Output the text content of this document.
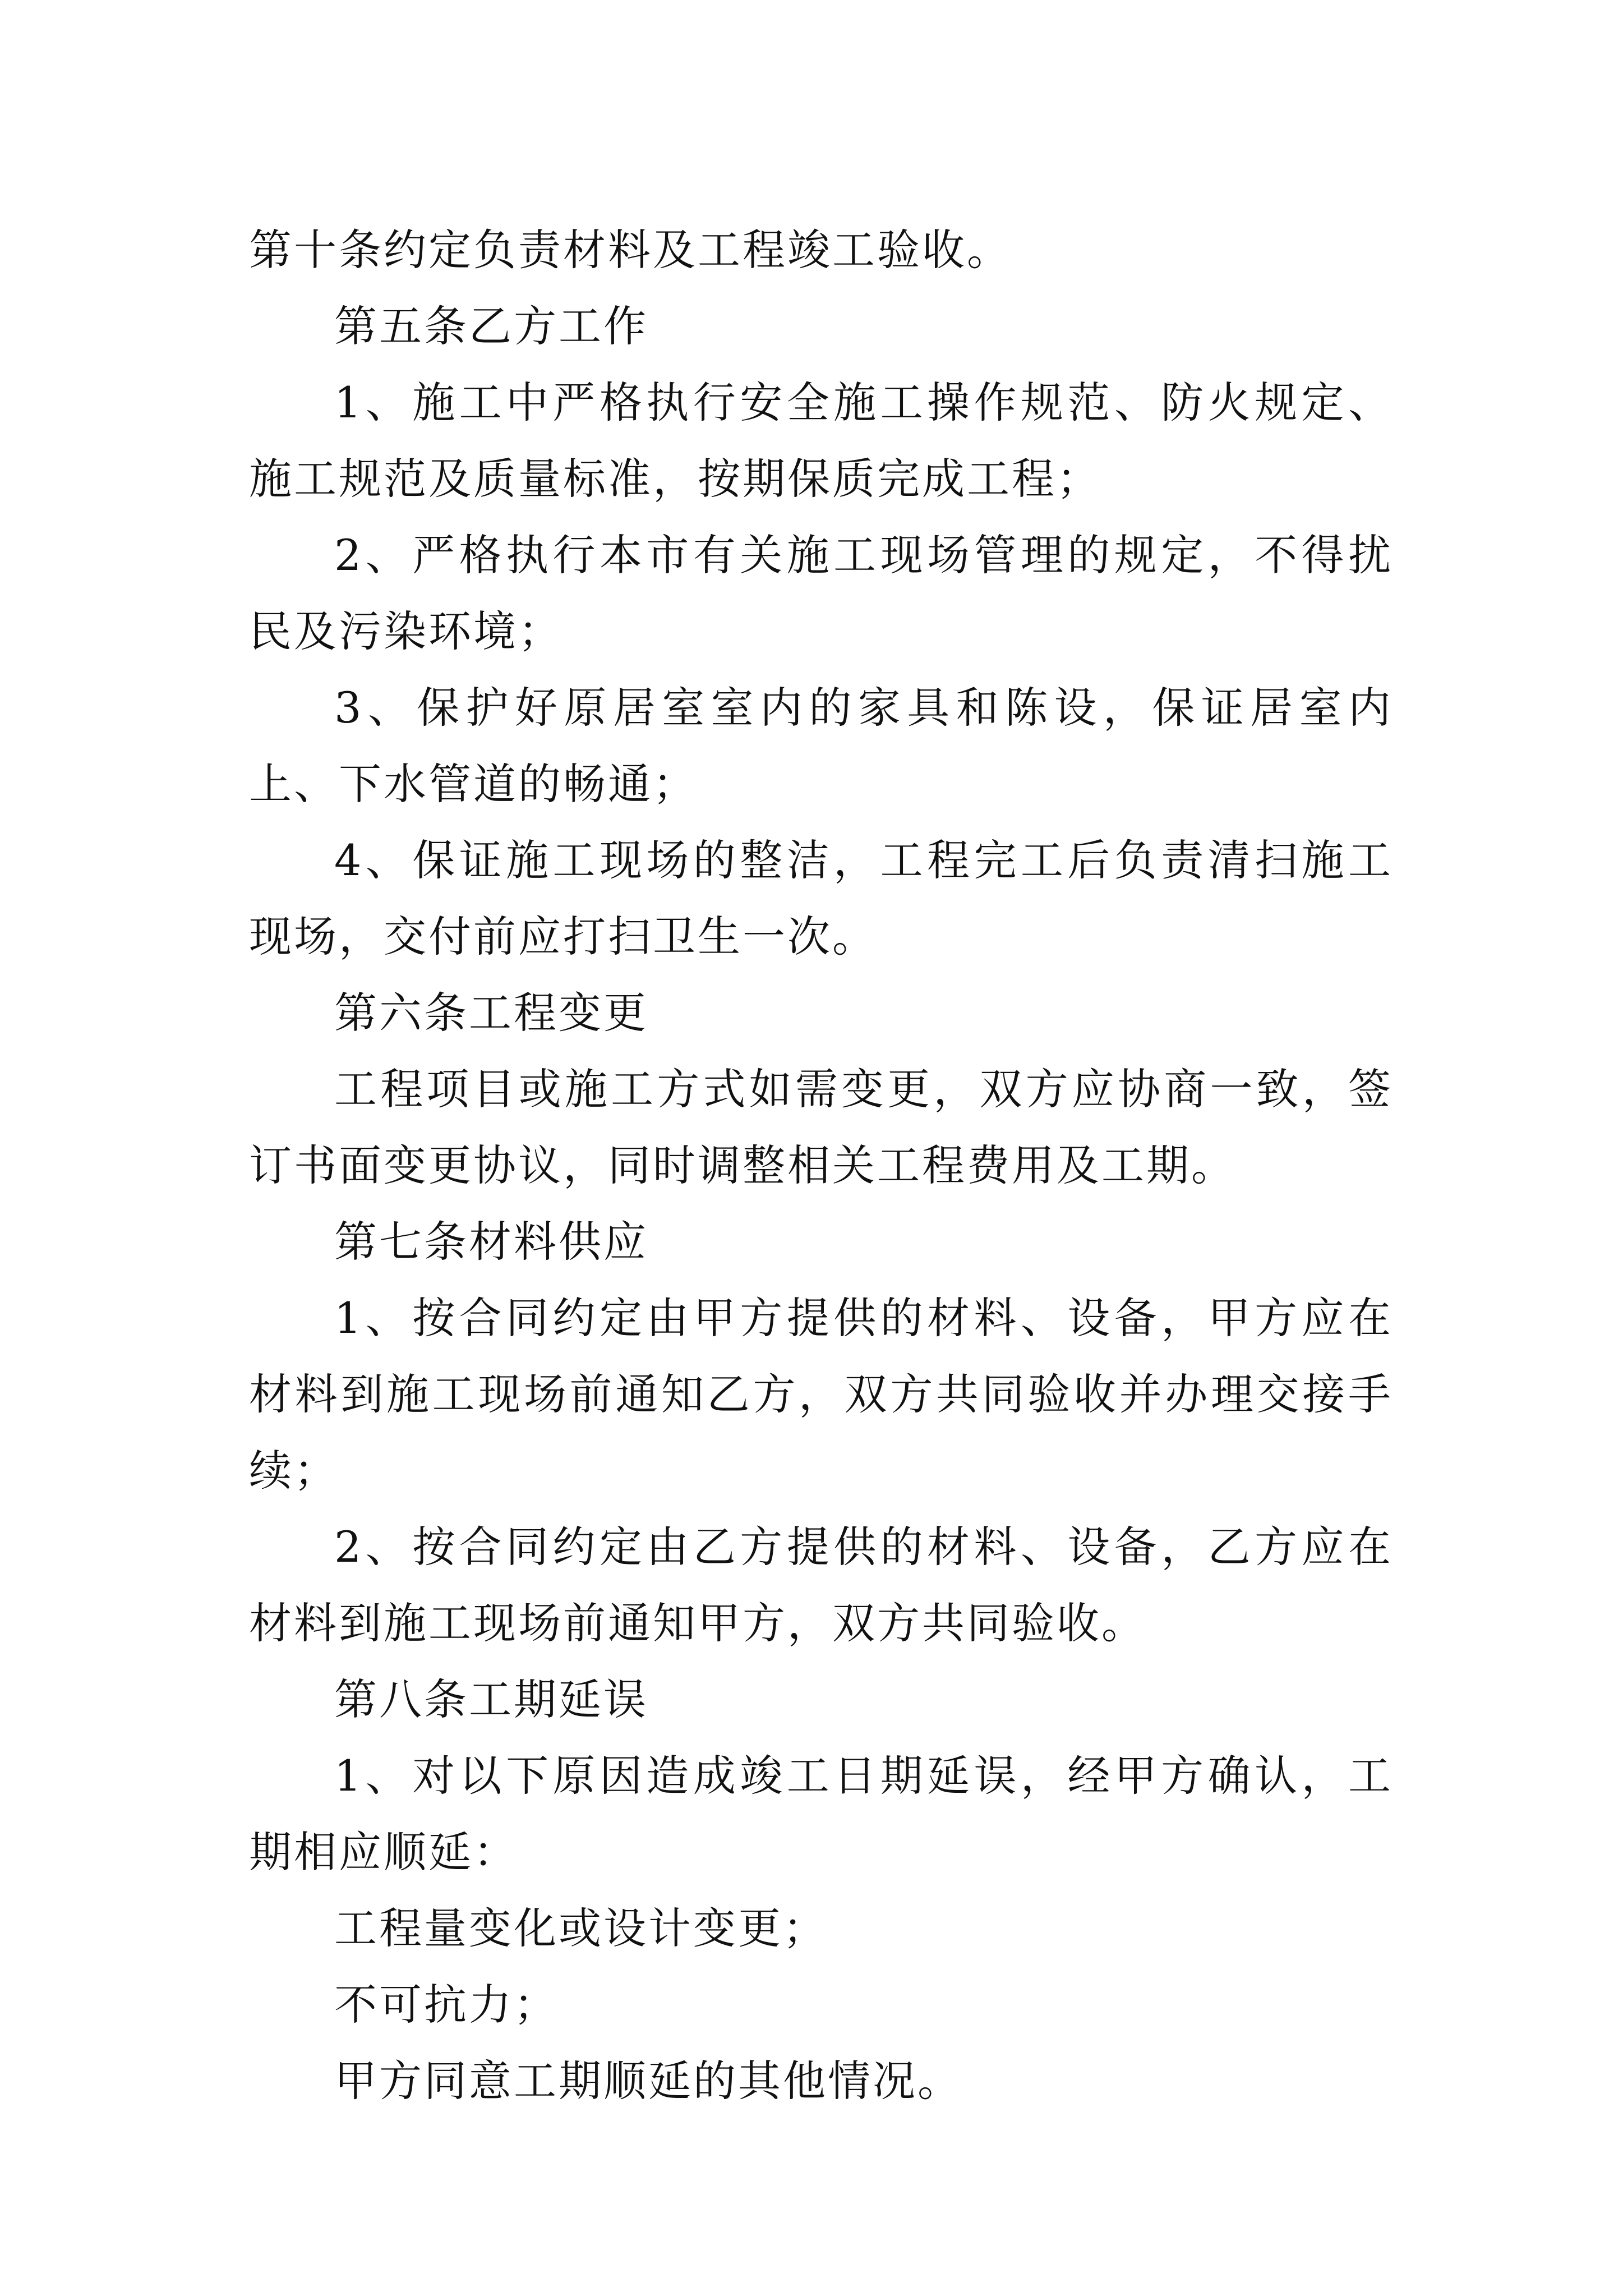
第十条约定负责材料及工程竣工验收。

第五条乙方工作

1、施工中严格执行安全施工操作规范、防火规定、施工规范及质量标准，按期保质完成工程；

2、严格执行本市有关施工现场管理的规定，不得扰民及污染环境；

3、保护好原居室室内的家具和陈设，保证居室内上、下水管道的畅通；

4、保证施工现场的整洁，工程完工后负责清扫施工现场，交付前应打扫卫生一次。

第六条工程变更

工程项目或施工方式如需变更，双方应协商一致，签订书面变更协议，同时调整相关工程费用及工期。

第七条材料供应

1、按合同约定由甲方提供的材料、设备，甲方应在材料到施工现场前通知乙方，双方共同验收并办理交接手续；

2、按合同约定由乙方提供的材料、设备，乙方应在材料到施工现场前通知甲方，双方共同验收。

第八条工期延误

1、对以下原因造成竣工日期延误，经甲方确认，工期相应顺延：

工程量变化或设计变更；

不可抗力；

甲方同意工期顺延的其他情况。
